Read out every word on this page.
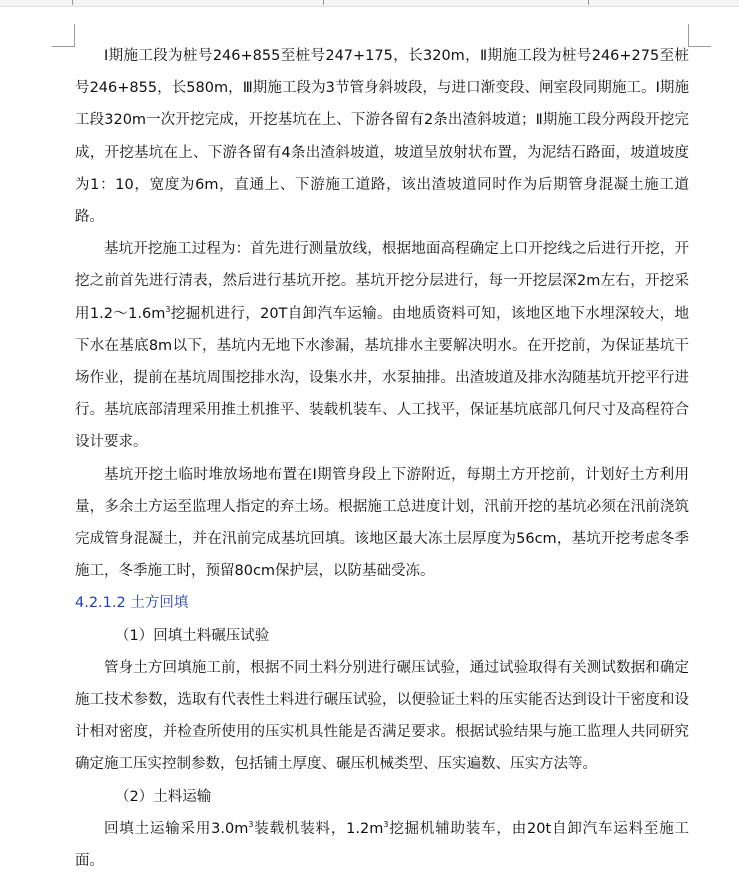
Ⅰ期施工段为桩号246+855至桩号247+175，长320m，Ⅱ期施工段为桩号246+275至桩号246+855，长580m，Ⅲ期施工段为3节管身斜坡段，与进口渐变段、闸室段同期施工。Ⅰ期施工段320m一次开挖完成，开挖基坑在上、下游各留有2条出渣斜坡道；Ⅱ期施工段分两段开挖完成，开挖基坑在上、下游各留有4条出渣斜坡道，坡道呈放射状布置，为泥结石路面，坡道坡度为1：10，宽度为6m，直通上、下游施工道路，该出渣坡道同时作为后期管身混凝土施工道路。

基坑开挖施工过程为：首先进行测量放线，根据地面高程确定上口开挖线之后进行开挖，开挖之前首先进行清表，然后进行基坑开挖。基坑开挖分层进行，每一开挖层深2m左右，开挖采用$1.2\sim 1.6m^3$挖掘机进行，20T自卸汽车运输。由地质资料可知，该地区地下水埋深较大，地下水在基底8m以下，基坑内无地下水渗漏，基坑排水主要解决明水。在开挖前，为保证基坑干场作业，提前在基坑周围挖排水沟，设集水井，水泵抽排。出渣坡道及排水沟随基坑开挖平行进行。基坑底部清理采用推土机推平、装载机装车、人工找平，保证基坑底部几何尺寸及高程符合设计要求。

基坑开挖土临时堆放场地布置在Ⅰ期管身段上下游附近，每期土方开挖前，计划好土方利用量，多余土方运至监理人指定的弃土场。根据施工总进度计划，汛前开挖的基坑必须在汛前浇筑完成管身混凝土，并在汛前完成基坑回填。该地区最大冻土层厚度为56cm，基坑开挖考虑冬季施工，冬季施工时，预留80cm保护层，以防基础受冻。

4.2.1.2 土方回填

（1）回填土料碾压试验

管身土方回填施工前，根据不同土料分别进行碾压试验，通过试验取得有关测试数据和确定施工技术参数，选取有代表性土料进行碾压试验，以便验证土料的压实能否达到设计干密度和设计相对密度，并检查所使用的压实机具性能是否满足要求。根据试验结果与施工监理人共同研究确定施工压实控制参数，包括铺土厚度、碾压机械类型、压实遍数、压实方法等。

（2）土料运输

回填土运输采用$3.0m^3$装载机装料，$1.2m^3$挖掘机辅助装车，由20t自卸汽车运料至施工面。
